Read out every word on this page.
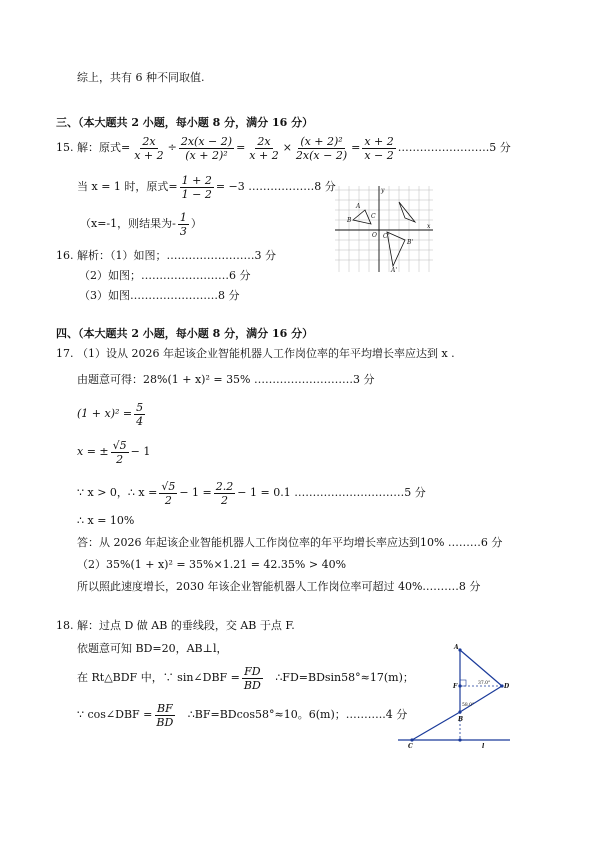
综上，共有 6 种不同取值.
三、（本大题共 2 小题，每小题 8 分，满分 16 分）
15. 解：原式= $\frac{2x}{x + 2} \div \frac{2x(x - 2)}{\text{(x + 2)²}} = \frac{2x}{x + 2} \times \frac{\text{(x + 2)²}}{2x(x - 2)} = \frac{x + 2}{x - 2}$ …………………….5 分
当 x = 1 时，原式= $\frac{1 + 2}{1 - 2} = -3$ ………………8 分
（x=-1，则结果为- $\frac{1}{3}$ ）
y
A
B
C
O
x
A'
B'
C'
16. 解析：（1）如图；……………………3 分
（2）如图；……………………6 分
（3）如图……………………8 分
四、（本大题共 2 小题，每小题 8 分，满分 16 分）
17. （1）设从 2026 年起该企业智能机器人工作岗位率的年平均增长率应达到 x .
由题意可得：28%(1 + x)² = 35% ………………………3 分
$(1 + x)^2 = \frac{5}{4}$
x = ± $\frac{√5}{2} - 1$
∵ x > 0，∴ $x = \frac{√5}{2} - 1 = \frac{2.2}{2} - 1 = 0.1$ …………………………5 分
∴ x = 10%
答：从 2026 年起该企业智能机器人工作岗位率的年平均增长率应达到10% ………6 分
（2）35%(1 + x)² = 35%×1.21 = 42.35% > 40%
所以照此速度增长，2030 年该企业智能机器人工作岗位率可超过 40%.………8 分
18. 解：过点 D 做 AB 的垂线段，交 AB 于点 F.
依题意可知 BD=20，AB⊥l，
在 Rt△BDF 中，∵ sin∠DBF = $\frac{FD}{BD}$ ∴FD=BDsin58°≈17(m)；
∵ cos∠DBF = $\frac{BF}{BD}$ ∴BF=BDcos58°≈10。6(m)；………..4 分
A
F	D
B
C	l
37.0°
58.0°
